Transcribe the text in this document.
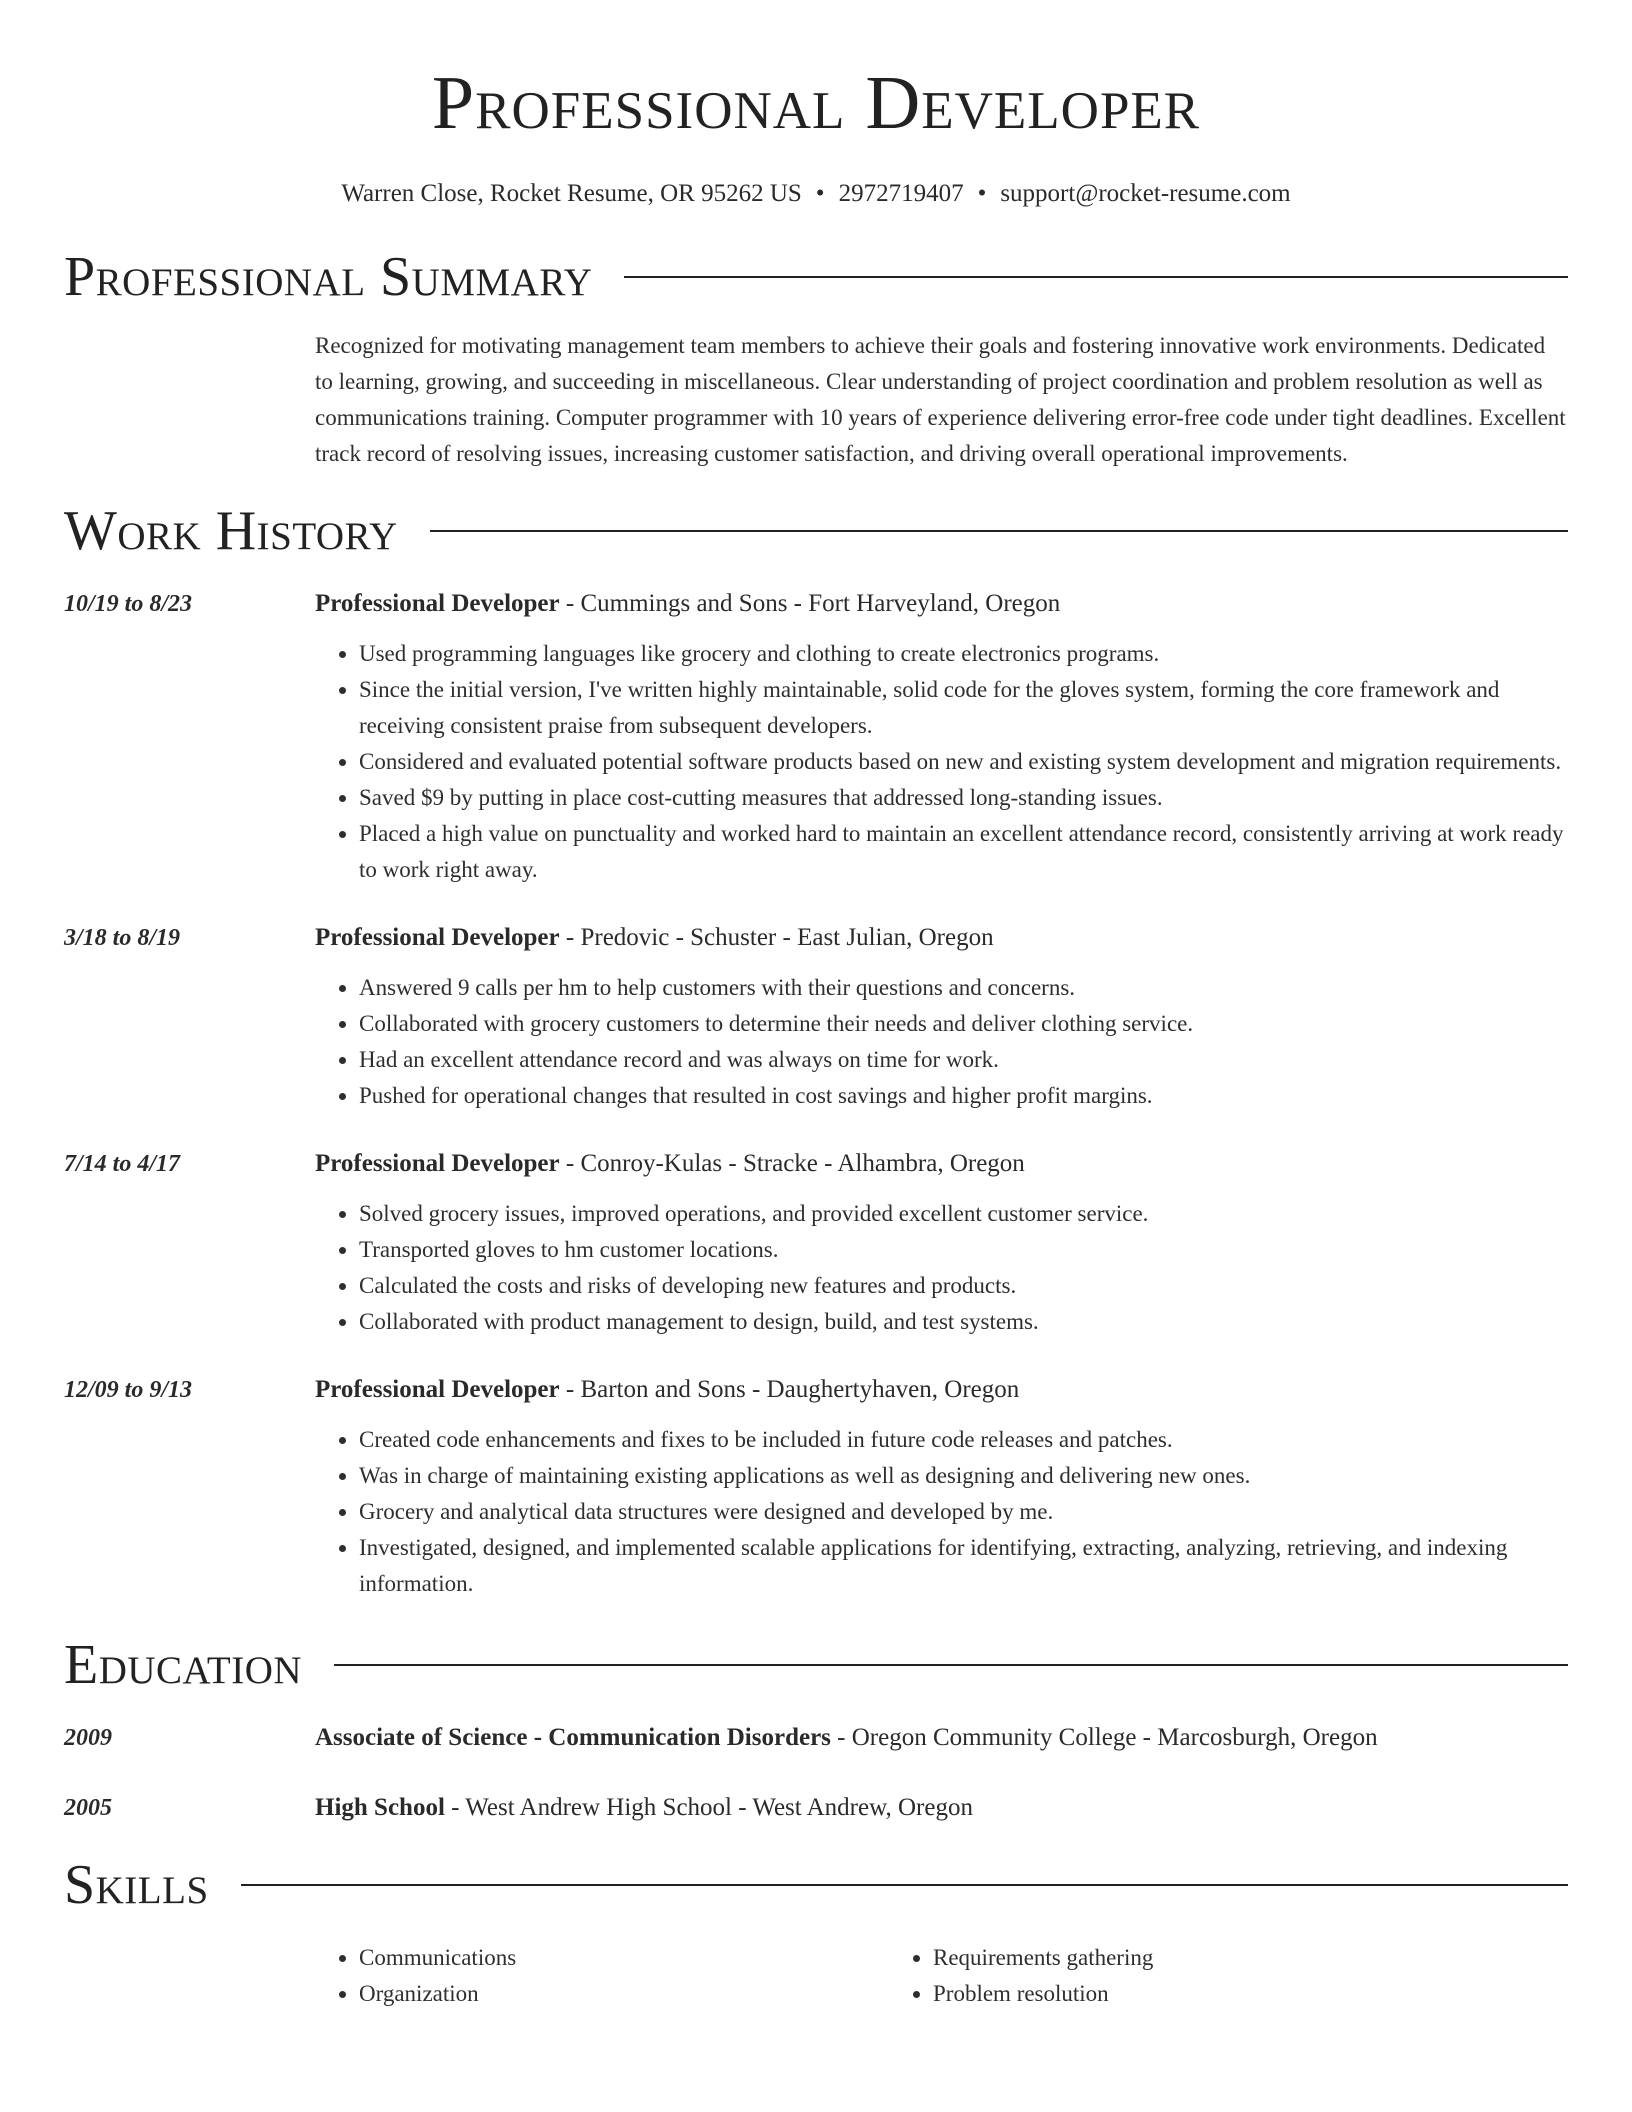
Professional Developer
Warren Close, Rocket Resume, OR 95262 US • 2972719407 • support@rocket-resume.com
Professional Summary
Recognized for motivating management team members to achieve their goals and fostering innovative work environments. Dedicated to learning, growing, and succeeding in miscellaneous. Clear understanding of project coordination and problem resolution as well as communications training. Computer programmer with 10 years of experience delivering error-free code under tight deadlines. Excellent track record of resolving issues, increasing customer satisfaction, and driving overall operational improvements.
Work History
10/19 to 8/23	Professional Developer - Cummings and Sons - Fort Harveyland, Oregon
• Used programming languages like grocery and clothing to create electronics programs.
• Since the initial version, I've written highly maintainable, solid code for the gloves system, forming the core framework and receiving consistent praise from subsequent developers.
• Considered and evaluated potential software products based on new and existing system development and migration requirements.
• Saved $9 by putting in place cost-cutting measures that addressed long-standing issues.
• Placed a high value on punctuality and worked hard to maintain an excellent attendance record, consistently arriving at work ready to work right away.
3/18 to 8/19	Professional Developer - Predovic - Schuster - East Julian, Oregon
• Answered 9 calls per hm to help customers with their questions and concerns.
• Collaborated with grocery customers to determine their needs and deliver clothing service.
• Had an excellent attendance record and was always on time for work.
• Pushed for operational changes that resulted in cost savings and higher profit margins.
7/14 to 4/17	Professional Developer - Conroy-Kulas - Stracke - Alhambra, Oregon
• Solved grocery issues, improved operations, and provided excellent customer service.
• Transported gloves to hm customer locations.
• Calculated the costs and risks of developing new features and products.
• Collaborated with product management to design, build, and test systems.
12/09 to 9/13	Professional Developer - Barton and Sons - Daughertyhaven, Oregon
• Created code enhancements and fixes to be included in future code releases and patches.
• Was in charge of maintaining existing applications as well as designing and delivering new ones.
• Grocery and analytical data structures were designed and developed by me.
• Investigated, designed, and implemented scalable applications for identifying, extracting, analyzing, retrieving, and indexing information.
Education
2009	Associate of Science - Communication Disorders - Oregon Community College - Marcosburgh, Oregon
2005	High School - West Andrew High School - West Andrew, Oregon
Skills
• Communications
• Organization
• Requirements gathering
• Problem resolution
